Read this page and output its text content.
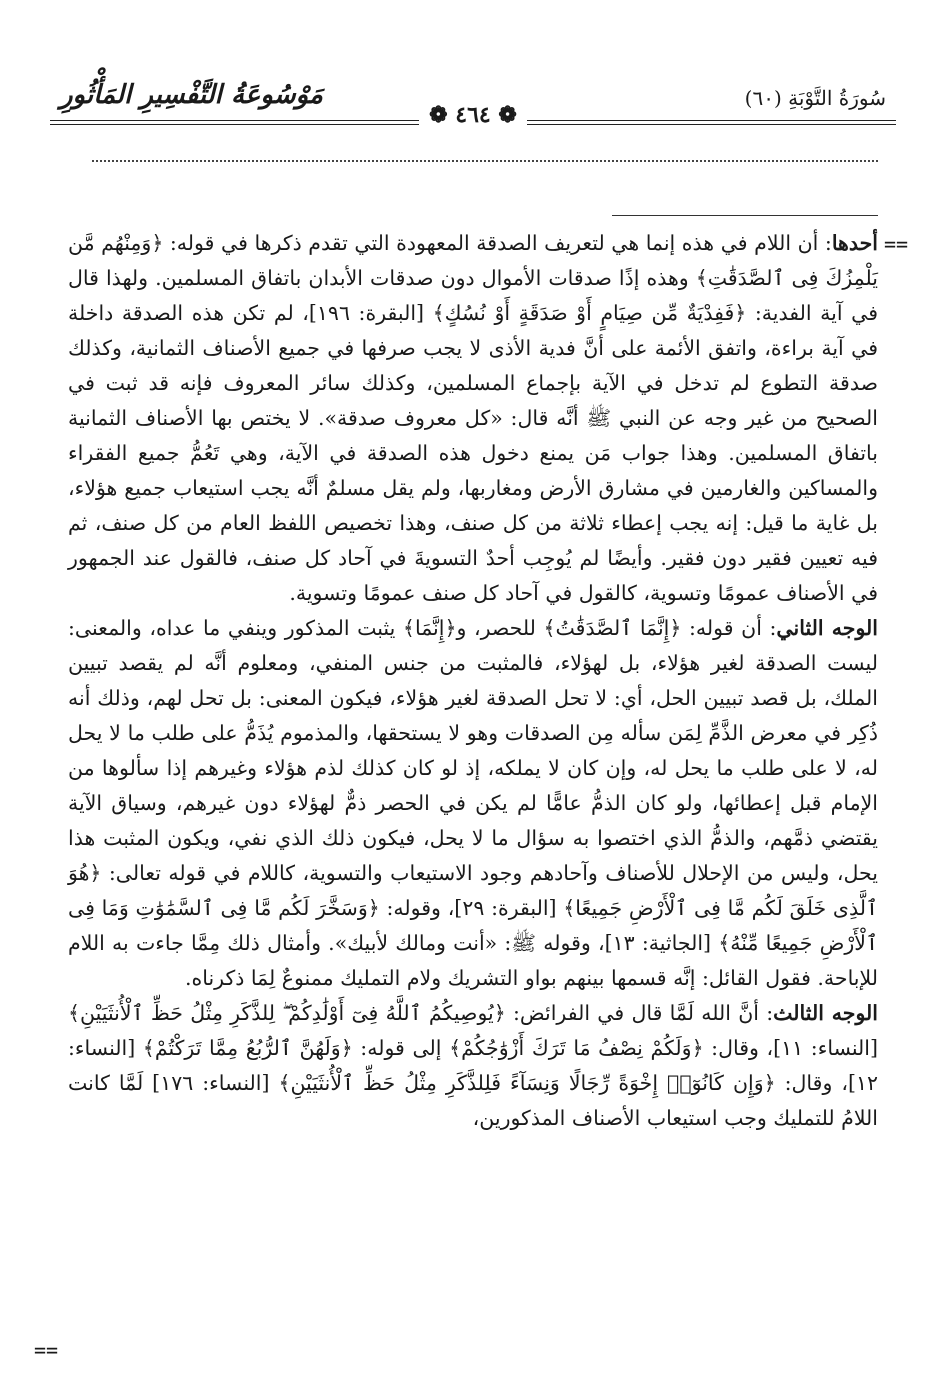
سُورَةُ التَّوْبَةِ (٦٠)
مَوْسُوعَةُ التَّفْسِيرِ المَأْثُورِ
❁ ٤٦٤ ❁
==

أحدها: أن اللام في هذه إنما هي لتعريف الصدقة المعهودة التي تقدم ذكرها في قوله: ﴿وَمِنْهُم مَّن يَلْمِزُكَ فِى ٱلصَّدَقَٰتِ﴾ وهذه إذًا صدقات الأموال دون صدقات الأبدان باتفاق المسلمين. ولهذا قال في آية الفدية: ﴿فَفِدْيَةٌ مِّن صِيَامٍ أَوْ صَدَقَةٍ أَوْ نُسُكٍ﴾ [البقرة: ١٩٦]، لم تكن هذه الصدقة داخلة في آية براءة، واتفق الأئمة على أنَّ فدية الأذى لا يجب صرفها في جميع الأصناف الثمانية، وكذلك صدقة التطوع لم تدخل في الآية بإجماع المسلمين، وكذلك سائر المعروف فإنه قد ثبت في الصحيح من غير وجه عن النبي ﷺ أنَّه قال: «كل معروف صدقة». لا يختص بها الأصناف الثمانية باتفاق المسلمين. وهذا جواب مَن يمنع دخول هذه الصدقة في الآية، وهي تَعُمُّ جميع الفقراء والمساكين والغارمين في مشارق الأرض ومغاربها، ولم يقل مسلمٌ أنَّه يجب استيعاب جميع هؤلاء، بل غاية ما قيل: إنه يجب إعطاء ثلاثة من كل صنف، وهذا تخصيص اللفظ العام من كل صنف، ثم فيه تعيين فقير دون فقير. وأيضًا لم يُوجِب أحدٌ التسويةَ في آحاد كل صنف، فالقول عند الجمهور في الأصناف عمومًا وتسوية، كالقول في آحاد كل صنف عمومًا وتسوية.

الوجه الثاني: أن قوله: ﴿إِنَّمَا ٱلصَّدَقَٰتُ﴾ للحصر، و﴿إِنَّمَا﴾ يثبت المذكور وينفي ما عداه، والمعنى: ليست الصدقة لغير هؤلاء، بل لهؤلاء، فالمثبت من جنس المنفي، ومعلوم أنَّه لم يقصد تبيين الملك، بل قصد تبيين الحل، أي: لا تحل الصدقة لغير هؤلاء، فيكون المعنى: بل تحل لهم، وذلك أنه ذُكِر في معرض الذَّمِّ لِمَن سأله مِن الصدقات وهو لا يستحقها، والمذموم يُذَمُّ على طلب ما لا يحل له، لا على طلب ما يحل له، وإن كان لا يملكه، إذ لو كان كذلك لذم هؤلاء وغيرهم إذا سألوها من الإمام قبل إعطائها، ولو كان الذمُّ عامًّا لم يكن في الحصر ذمٌّ لهؤلاء دون غيرهم، وسياق الآية يقتضي ذمَّهم، والذمُّ الذي اختصوا به سؤال ما لا يحل، فيكون ذلك الذي نفي، ويكون المثبت هذا يحل، وليس من الإحلال للأصناف وآحادهم وجود الاستيعاب والتسوية، كاللام في قوله تعالى: ﴿هُوَ ٱلَّذِى خَلَقَ لَكُم مَّا فِى ٱلْأَرْضِ جَمِيعًا﴾ [البقرة: ٢٩]، وقوله: ﴿وَسَخَّرَ لَكُم مَّا فِى ٱلسَّمَٰوَٰتِ وَمَا فِى ٱلْأَرْضِ جَمِيعًا مِّنْهُ﴾ [الجاثية: ١٣]، وقوله ﷺ: «أنت ومالك لأبيك». وأمثال ذلك مِمَّا جاءت به اللام للإباحة. فقول القائل: إنَّه قسمها بينهم بواو التشريك ولام التمليك ممنوعٌ لِمَا ذكرناه.

الوجه الثالث: أنَّ الله لَمَّا قال في الفرائض: ﴿يُوصِيكُمُ ٱللَّهُ فِىٓ أَوْلَٰدِكُمْ ۖ لِلذَّكَرِ مِثْلُ حَظِّ ٱلْأُنثَيَيْنِ﴾ [النساء: ١١]، وقال: ﴿وَلَكُمْ نِصْفُ مَا تَرَكَ أَزْوَٰجُكُمْ﴾ إلى قوله: ﴿وَلَهُنَّ ٱلرُّبُعُ مِمَّا تَرَكْتُمْ﴾ [النساء: ١٢]، وقال: ﴿وَإِن كَانُوٓا۟ إِخْوَةً رِّجَالًا وَنِسَآءً فَلِلذَّكَرِ مِثْلُ حَظِّ ٱلْأُنثَيَيْنِ﴾ [النساء: ١٧٦] لَمَّا كانت اللامُ للتمليك وجب استيعاب الأصناف المذكورين،

==
